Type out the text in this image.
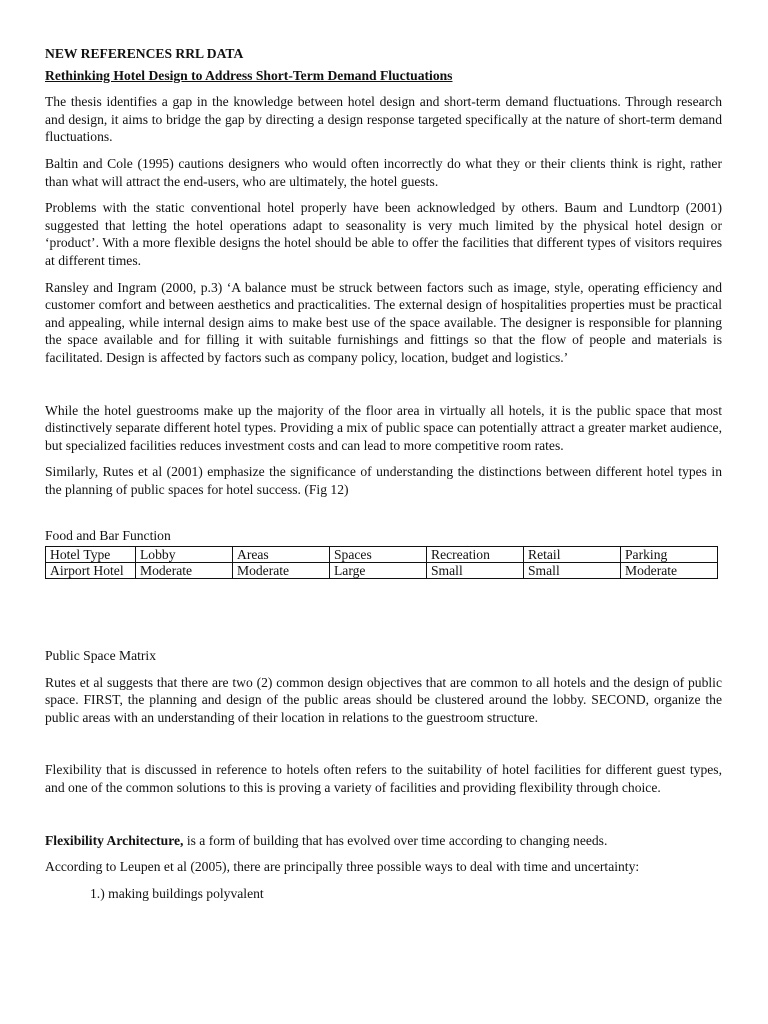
NEW REFERENCES RRL DATA

Rethinking Hotel Design to Address Short-Term Demand Fluctuations

The thesis identifies a gap in the knowledge between hotel design and short-term demand fluctuations. Through research and design, it aims to bridge the gap by directing a design response targeted specifically at the nature of short-term demand fluctuations.

Baltin and Cole (1995) cautions designers who would often incorrectly do what they or their clients think is right, rather than what will attract the end-users, who are ultimately, the hotel guests.

Problems with the static conventional hotel properly have been acknowledged by others. Baum and Lundtorp (2001) suggested that letting the hotel operations adapt to seasonality is very much limited by the physical hotel design or ‘product’. With a more flexible designs the hotel should be able to offer the facilities that different types of visitors requires at different times.

Ransley and Ingram (2000, p.3) ‘A balance must be struck between factors such as image, style, operating efficiency and customer comfort and between aesthetics and practicalities. The external design of hospitalities properties must be practical and appealing, while internal design aims to make best use of the space available. The designer is responsible for planning the space available and for filling it with suitable furnishings and fittings so that the flow of people and materials is facilitated. Design is affected by factors such as company policy, location, budget and logistics.’

While the hotel guestrooms make up the majority of the floor area in virtually all hotels, it is the public space that most distinctively separate different hotel types. Providing a mix of public space can potentially attract a greater market audience, but specialized facilities reduces investment costs and can lead to more competitive room rates.

Similarly, Rutes et al (2001) emphasize the significance of understanding the distinctions between different hotel types in the planning of public spaces for hotel success. (Fig 12)

Food and Bar Function

Hotel Type	Lobby	Areas	Spaces	Recreation	Retail	Parking
Airport Hotel	Moderate	Moderate	Large	Small	Small	Moderate

Public Space Matrix

Rutes et al suggests that there are two (2) common design objectives that are common to all hotels and the design of public space. FIRST, the planning and design of the public areas should be clustered around the lobby. SECOND, organize the public areas with an understanding of their location in relations to the guestroom structure.

Flexibility that is discussed in reference to hotels often refers to the suitability of hotel facilities for different guest types, and one of the common solutions to this is proving a variety of facilities and providing flexibility through choice.

Flexibility Architecture, is a form of building that has evolved over time according to changing needs.

According to Leupen et al (2005), there are principally three possible ways to deal with time and uncertainty:

1.) making buildings polyvalent
